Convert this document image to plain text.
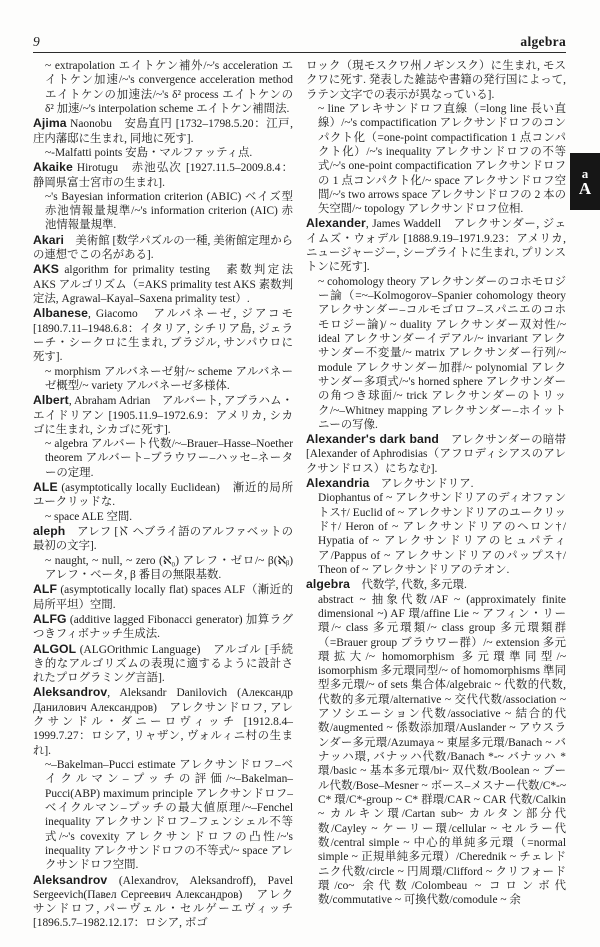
9	algebra

~ extrapolation エイトケン補外/~'s acceleration エイトケン加速/~'s convergence acceleration method エイトケンの加速法/~'s δ² process エイトケンの δ² 加速/~'s interpolation scheme エイトケン補間法.

Ajima Naonobu　安島直円 [1732–1798.5.20：江戸, 庄内藩邸に生まれ, 同地に死す].

~-Malfatti points 安島・マルファッティ点.

Akaike Hirotugu　赤池弘次 [1927.11.5–2009.8.4：静岡県富士宮市の生まれ].

~'s Bayesian information criterion (ABIC) ベイズ型赤池情報量規準/~'s information criterion (AIC) 赤池情報量規準.

Akari　美術館 [数学パズルの一種, 美術館定理からの連想でこの名がある].

AKS algorithm for primality testing　素数判定法 AKS アルゴリズム（=AKS primality test AKS 素数判定法, Agrawal–Kayal–Saxena primality test）.

Albanese, Giacomo　アルバネーゼ, ジアコモ [1890.7.11–1948.6.8：イタリア, シチリア島, ジェラーチ・シークロに生まれ, ブラジル, サンパウロに死す].

~ morphism アルバネーゼ射/~ scheme アルバネーゼ概型/~ variety アルバネーゼ多様体.

Albert, Abraham Adrian　アルバート, アブラハム・エイドリアン [1905.11.9–1972.6.9：アメリカ, シカゴに生まれ, シカゴに死す].

~ algebra アルバート代数/~–Brauer–Hasse–Noether theorem アルバート–ブラウワー–ハッセ–ネーターの定理.

ALE (asymptotically locally Euclidean)　漸近的局所ユークリッドな.

~ space ALE 空間.

aleph　アレフ [ℵ ヘブライ語のアルファベットの最初の文字].

~ naught, ~ null, ~ zero (ℵ₀) アレフ・ゼロ/~ β(ℵᵦ) アレフ・ベータ, β 番目の無限基数.

ALF (asymptotically locally flat) spaces ALF（漸近的局所平坦）空間.

ALFG (additive lagged Fibonacci generator) 加算ラグつきフィボナッチ生成法.

ALGOL (ALGOrithmic Language)　アルゴル [手続き的なアルゴリズムの表現に適するように設計されたプログラミング言語].

Aleksandrov, Aleksandr Danilovich (Александр Данилович Александров)　アレクサンドロフ, アレクサンドル・ダニーロヴィッチ [1912.8.4–1999.7.27：ロシア, リャザン, ヴォルィニ村の生まれ].

~–Bakelman–Pucci estimate アレクサンドロフ–ベイクルマン–プッチの評価/~–Bakelman–Pucci(ABP) maximum principle アレクサンドロフ–ベイクルマン–プッチの最大値原理/~–Fenchel inequality アレクサンドロフ–フェンシェル不等式/~'s covexity アレクサンドロフの凸性/~'s inequality アレクサンドロフの不等式/~ space アレクサンドロフ空間.

Aleksandrov (Alexandrov, Aleksandroff), Pavel Sergeevich(Павел Сергеевич Александров)　アレクサンドロフ, パーヴェル・セルゲーエヴィッチ [1896.5.7–1982.12.17：ロシア, ボゴ

ロック（現モスクワ州ノギンスク）に生まれ, モスクワに死す. 発表した雑誌や書籍の発行国によって, ラテン文字での表示が異なっている].

~ line アレキサンドロフ直線（=long line 長い直線）/~'s compactification アレクサンドロフのコンパクト化（=one-point compactification 1 点コンパクト化）/~'s inequality アレクサンドロフの不等式/~'s one-point compactification アレクサンドロフの 1 点コンパクト化/~ space アレクサンドロフ空間/~'s two arrows space アレクサンドロフの 2 本の矢空間/~ topology アレクサンドロフ位相.

Alexander, James Waddell　アレクサンダー, ジェイムズ・ウォデル [1888.9.19–1971.9.23：アメリカ, ニュージャージー, シーブライトに生まれ, プリンストンに死す].

~ cohomology theory アレクサンダーのコホモロジー論（=~–Kolmogorov–Spanier cohomology theory アレクサンダー–コルモゴロフ–スパニエのコホモロジー論)/ ~ duality アレクサンダー双対性/~ ideal アレクサンダーイデアル/~ invariant アレクサンダー不変量/~ matrix アレクサンダー行列/~ module アレクサンダー加群/~ polynomial アレクサンダー多項式/~'s horned sphere アレクサンダーの角つき球面/~ trick アレクサンダーのトリック/~–Whitney mapping アレクサンダー–ホイットニーの写像.

Alexander's dark band　アレクサンダーの暗帯 [Alexander of Aphrodisias（アフロディシアスのアレクサンドロス）にちなむ].

Alexandria　アレクサンドリア.

Diophantus of ~ アレクサンドリアのディオファントス†/ Euclid of ~ アレクサンドリアのユークリッド†/ Heron of ~ アレクサンドリアのヘロン†/ Hypatia of ~ アレクサンドリアのヒュパティア/Pappus of ~ アレクサンドリアのパップス†/ Theon of ~ アレクサンドリアのテオン.

algebra　代数学, 代数, 多元環.

abstract ~ 抽象代数/AF ~ (approximately finite dimensional ~) AF 環/affine Lie ~ アフィン・リー環/~ class 多元環類/~ class group 多元環類群（=Brauer group ブラウワー群）/~ extension 多元環拡大/~ homomorphism 多元環準同型/~ isomorphism 多元環同型/~ of homomorphisms 準同型多元環/~ of sets 集合体/algebraic ~ 代数的代数, 代数的多元環/alternative ~ 交代代数/association ~ アソシエーション代数/associative ~ 結合的代数/augmented ~ 係数添加環/Auslander ~ アウスランダー多元環/Azumaya ~ 東屋多元環/Banach ~ バナッハ環, バナッハ代数/Banach *-~ バナッハ * 環/basic ~ 基本多元環/bi~ 双代数/Boolean ~ ブール代数/Bose–Mesner ~ ボース–メスナー代数/C*-~ C* 環/C*-group ~ C* 群環/CAR ~ CAR 代数/Calkin ~ カルキン環/Cartan sub~ カルタン部分代数/Cayley ~ ケーリー環/cellular ~ セルラー代数/central simple ~ 中心的単純多元環（=normal simple ~ 正規単純多元環）/Cherednik ~ チェレドニク代数/circle ~ 円周環/Clifford ~ クリフォード環/co~ 余代数/Colombeau ~ コロンボ代数/commutative ~ 可換代数/comodule ~ 余

a
A
